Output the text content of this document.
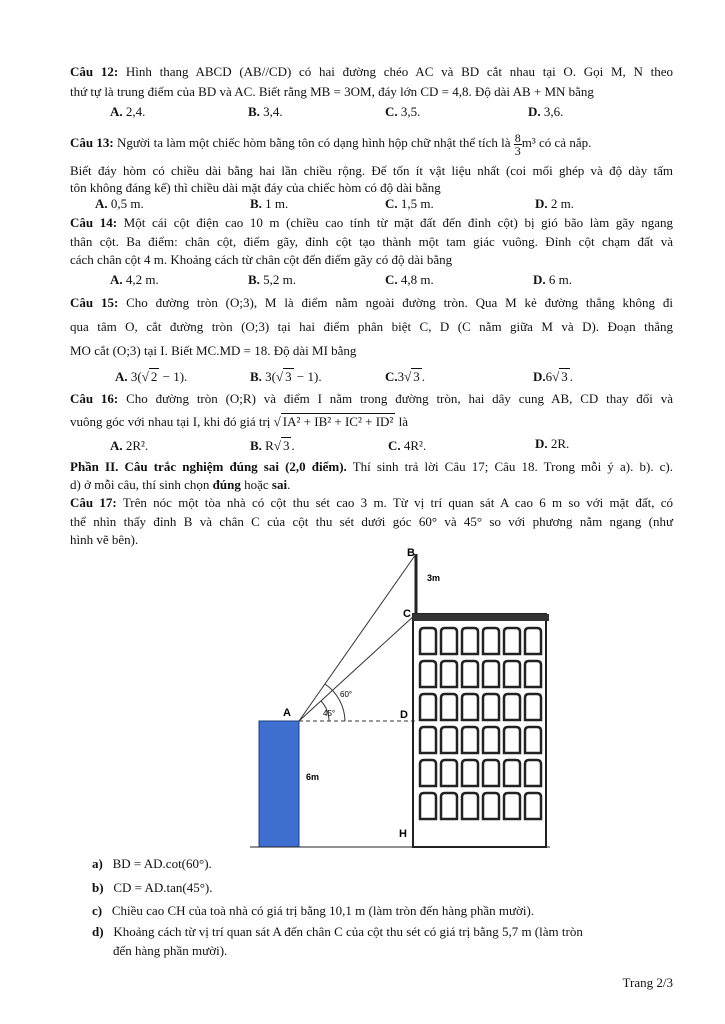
Câu 12: Hình thang ABCD (AB//CD) có hai đường chéo AC và BD cắt nhau tại O. Gọi M, N theo
thứ tự là trung điểm của BD và AC. Biết rằng MB = 3OM, đáy lớn CD = 4,8. Độ dài AB + MN bằng
A. 2,4.	B. 3,4.	C. 3,5.	D. 3,6.
Câu 13: Người ta làm một chiếc hòm bằng tôn có dạng hình hộp chữ nhật thể tích là $\frac{8}{3} m^3$ có cả nắp.
Biết đáy hòm có chiều dài bằng hai lần chiều rộng. Để tốn ít vật liệu nhất (coi mối ghép và độ dày tấm
tôn không đáng kể) thì chiều dài mặt đáy của chiếc hòm có độ dài bằng
A. 0,5 m.	B. 1 m.	C. 1,5 m.	D. 2 m.
Câu 14: Một cái cột điện cao 10 m (chiều cao tính từ mặt đất đến đỉnh cột) bị gió bão làm gãy ngang
thân cột. Ba điểm: chân cột, điểm gãy, đỉnh cột tạo thành một tam giác vuông. Đỉnh cột chạm đất và
cách chân cột 4 m. Khoảng cách từ chân cột đến điểm gãy có độ dài bằng
A. 4,2 m.	B. 5,2 m.	C. 4,8 m.	D. 6 m.
Câu 15: Cho đường tròn (O;3), M là điểm nằm ngoài đường tròn. Qua M kẻ đường thẳng không đi
qua tâm O, cắt đường tròn (O;3) tại hai điểm phân biệt C, D (C nằm giữa M và D). Đoạn thẳng
MO cắt (O;3) tại I. Biết MC.MD = 18. Độ dài MI bằng
A. 3(√ 2 − 1).	B. 3(√ 3 − 1).	C.3√ 3 .	D.6√ 3 .
Câu 16: Cho đường tròn (O;R) và điểm I nằm trong đường tròn, hai dây cung AB, CD thay đổi và
vuông góc với nhau tại I, khi đó giá trị √ IA² + IB² + IC² + ID² là
A. 2R².	B. R√ 3 .	C. 4R².	D. 2R.
Phần II. Câu trắc nghiệm đúng sai (2,0 điểm). Thí sinh trả lời Câu 17; Câu 18. Trong mỗi ý a). b). c).
d) ở mỗi câu, thí sinh chọn đúng hoặc sai.
Câu 17: Trên nóc một tòa nhà có cột thu sét cao 3 m. Từ vị trí quan sát A cao 6 m so với mặt đất, có
thể nhìn thấy đỉnh B và chân C của cột thu sét dưới góc 60° và 45° so với phương nằm ngang (như
hình vẽ bên).
B
C
D
A
H
3m
6m
60°
45°
a) BD = AD.cot(60°).
b) CD = AD.tan(45°).
c) Chiều cao CH của toà nhà có giá trị bằng 10,1 m (làm tròn đến hàng phần mười).
d) Khoảng cách từ vị trí quan sát A đến chân C của cột thu sét có giá trị bằng 5,7 m (làm tròn
đến hàng phần mười).
Trang 2/3
